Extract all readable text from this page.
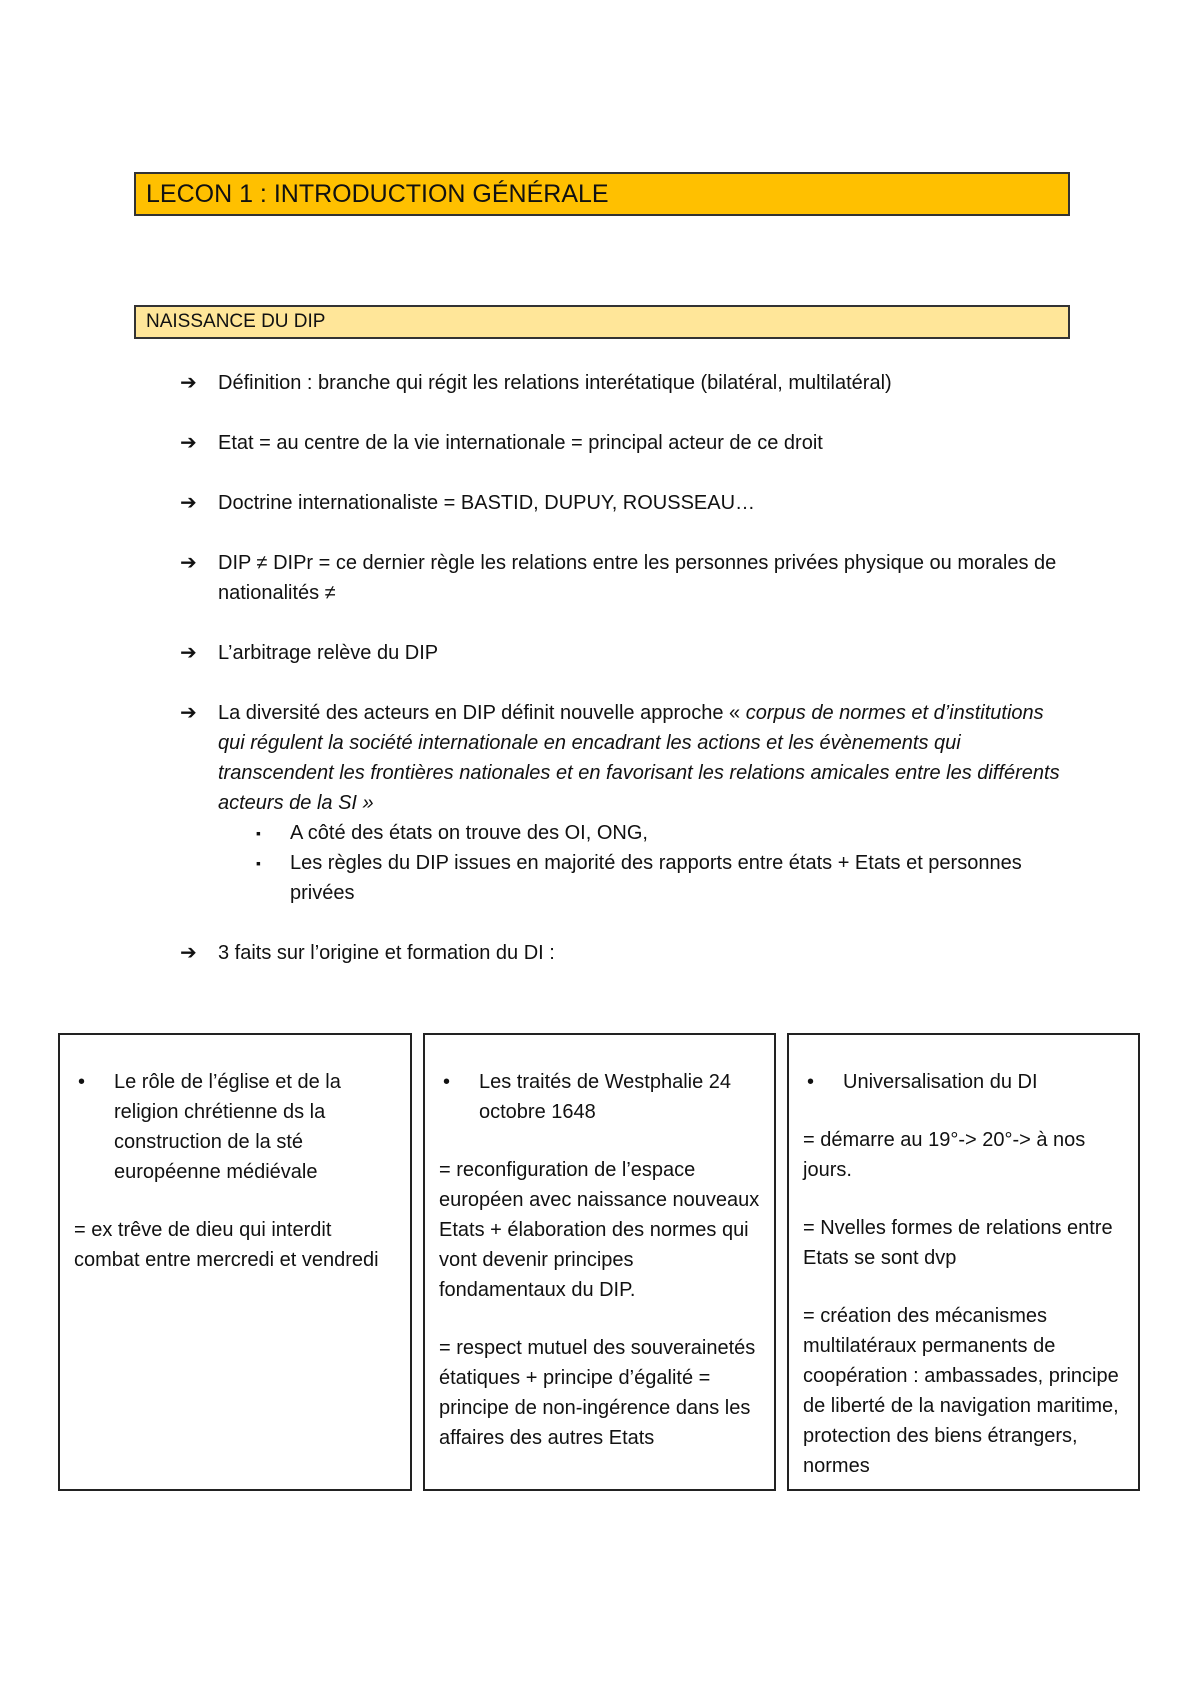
LECON 1 : INTRODUCTION GÉNÉRALE
NAISSANCE DU DIP
➔	Définition : branche qui régit les relations interétatique (bilatéral, multilatéral)
➔	Etat = au centre de la vie internationale = principal acteur de ce droit
➔	Doctrine internationaliste = BASTID, DUPUY, ROUSSEAU…
➔	DIP ≠ DIPr = ce dernier règle les relations entre les personnes privées physique ou morales de nationalités ≠
➔	L’arbitrage relève du DIP
➔	La diversité des acteurs en DIP définit nouvelle approche « corpus de normes et d’institutions qui régulent la société internationale en encadrant les actions et les évènements qui transcendent les frontières nationales et en favorisant les relations amicales entre les différents acteurs de la SI »
▪	A côté des états on trouve des OI, ONG,
▪	Les règles du DIP issues en majorité des rapports entre états + Etats et personnes privées
➔	3 faits sur l’origine et formation du DI :
•	Le rôle de l’église et de la religion chrétienne ds la construction de la sté européenne médiévale
= ex trêve de dieu qui interdit combat entre mercredi et vendredi
•	Les traités de Westphalie 24 octobre 1648
= reconfiguration de l’espace européen avec naissance nouveaux Etats + élaboration des normes qui vont devenir principes fondamentaux du DIP.
= respect mutuel des souverainetés étatiques + principe d’égalité = principe de non-ingérence dans les affaires des autres Etats
•	Universalisation du DI
= démarre au 19°-> 20°-> à nos jours.
= Nvelles formes de relations entre Etats se sont dvp
= création des mécanismes multilatéraux permanents de coopération : ambassades, principe de liberté de la navigation maritime, protection des biens étrangers, normes
